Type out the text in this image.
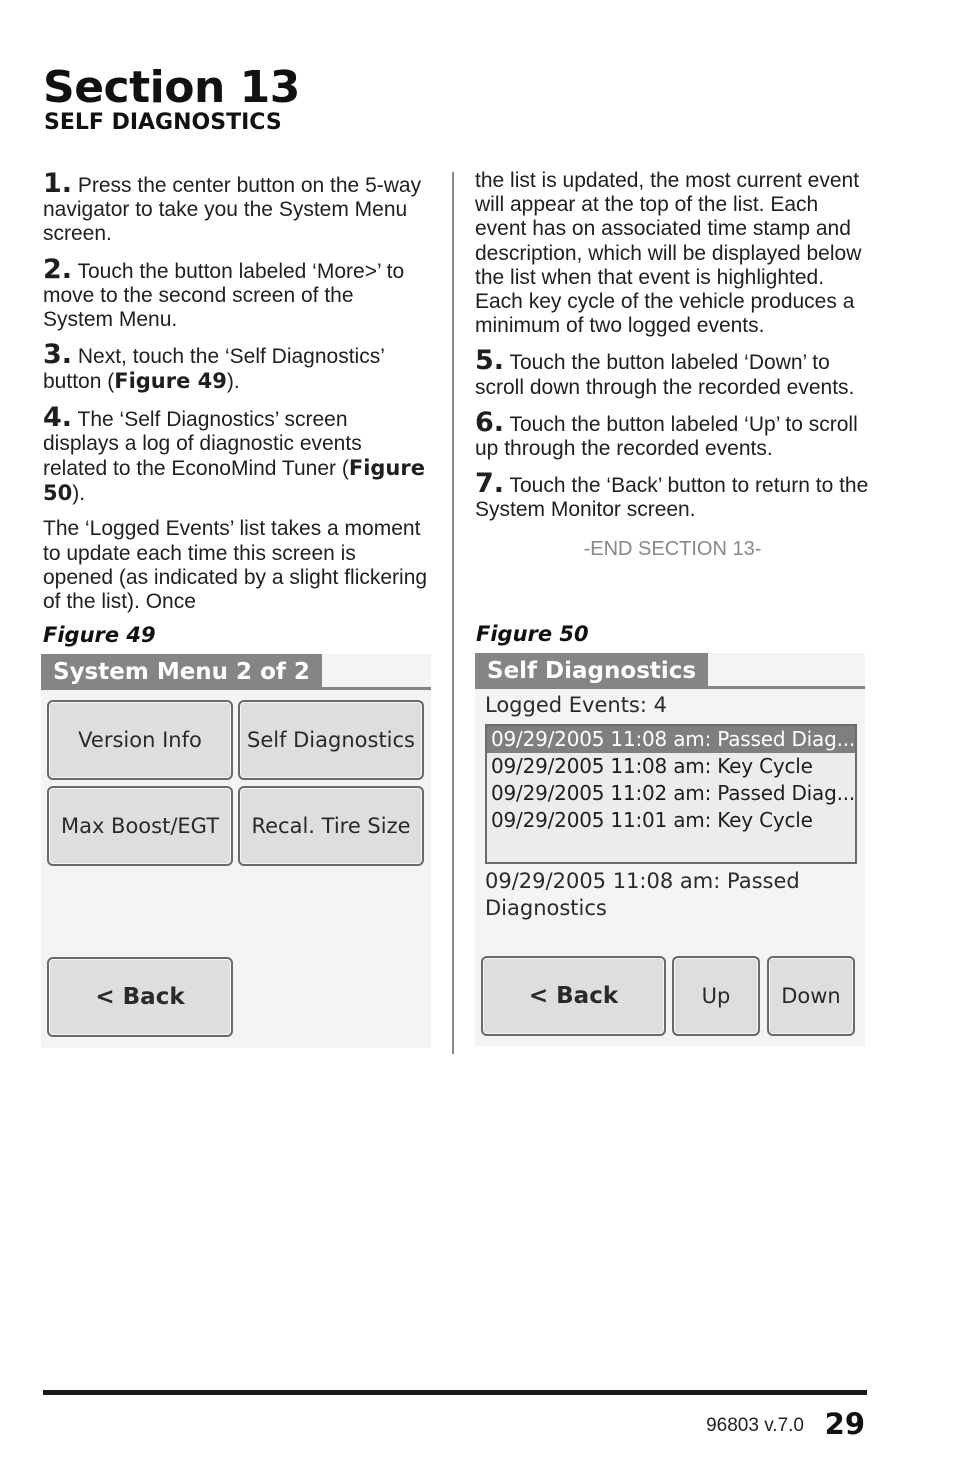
Section 13
SELF DIAGNOSTICS

1. Press the center button on the 5-way navigator to take you the System Menu screen.

2. Touch the button labeled ‘More>’ to move to the second screen of the System Menu.

3. Next, touch the ‘Self Diagnostics’ button (Figure 49).

4. The ‘Self Diagnostics’ screen displays a log of diagnostic events related to the EconoMind Tuner (Figure 50).

The ‘Logged Events’ list takes a moment to update each time this screen is opened (as indicated by a slight flickering of the list). Once

the list is updated, the most current event will appear at the top of the list. Each event has on associated time stamp and description, which will be displayed below the list when that event is highlighted. Each key cycle of the vehicle produces a minimum of two logged events.

5. Touch the button labeled ‘Down’ to scroll down through the recorded events.

6. Touch the button labeled ‘Up’ to scroll up through the recorded events.

7. Touch the ‘Back’ button to return to the System Monitor screen.

-END SECTION 13-

Figure 49
System Menu 2 of 2
Version Info	Self Diagnostics
Max Boost/EGT	Recal. Tire Size
< Back
Figure 50
Self Diagnostics
Logged Events: 4
09/29/2005 11:08 am: Passed Diag...
09/29/2005 11:08 am: Key Cycle
09/29/2005 11:02 am: Passed Diag...
09/29/2005 11:01 am: Key Cycle
09/29/2005 11:08 am: Passed
Diagnostics
< Back	Up	Down
96803 v.7.0 29
